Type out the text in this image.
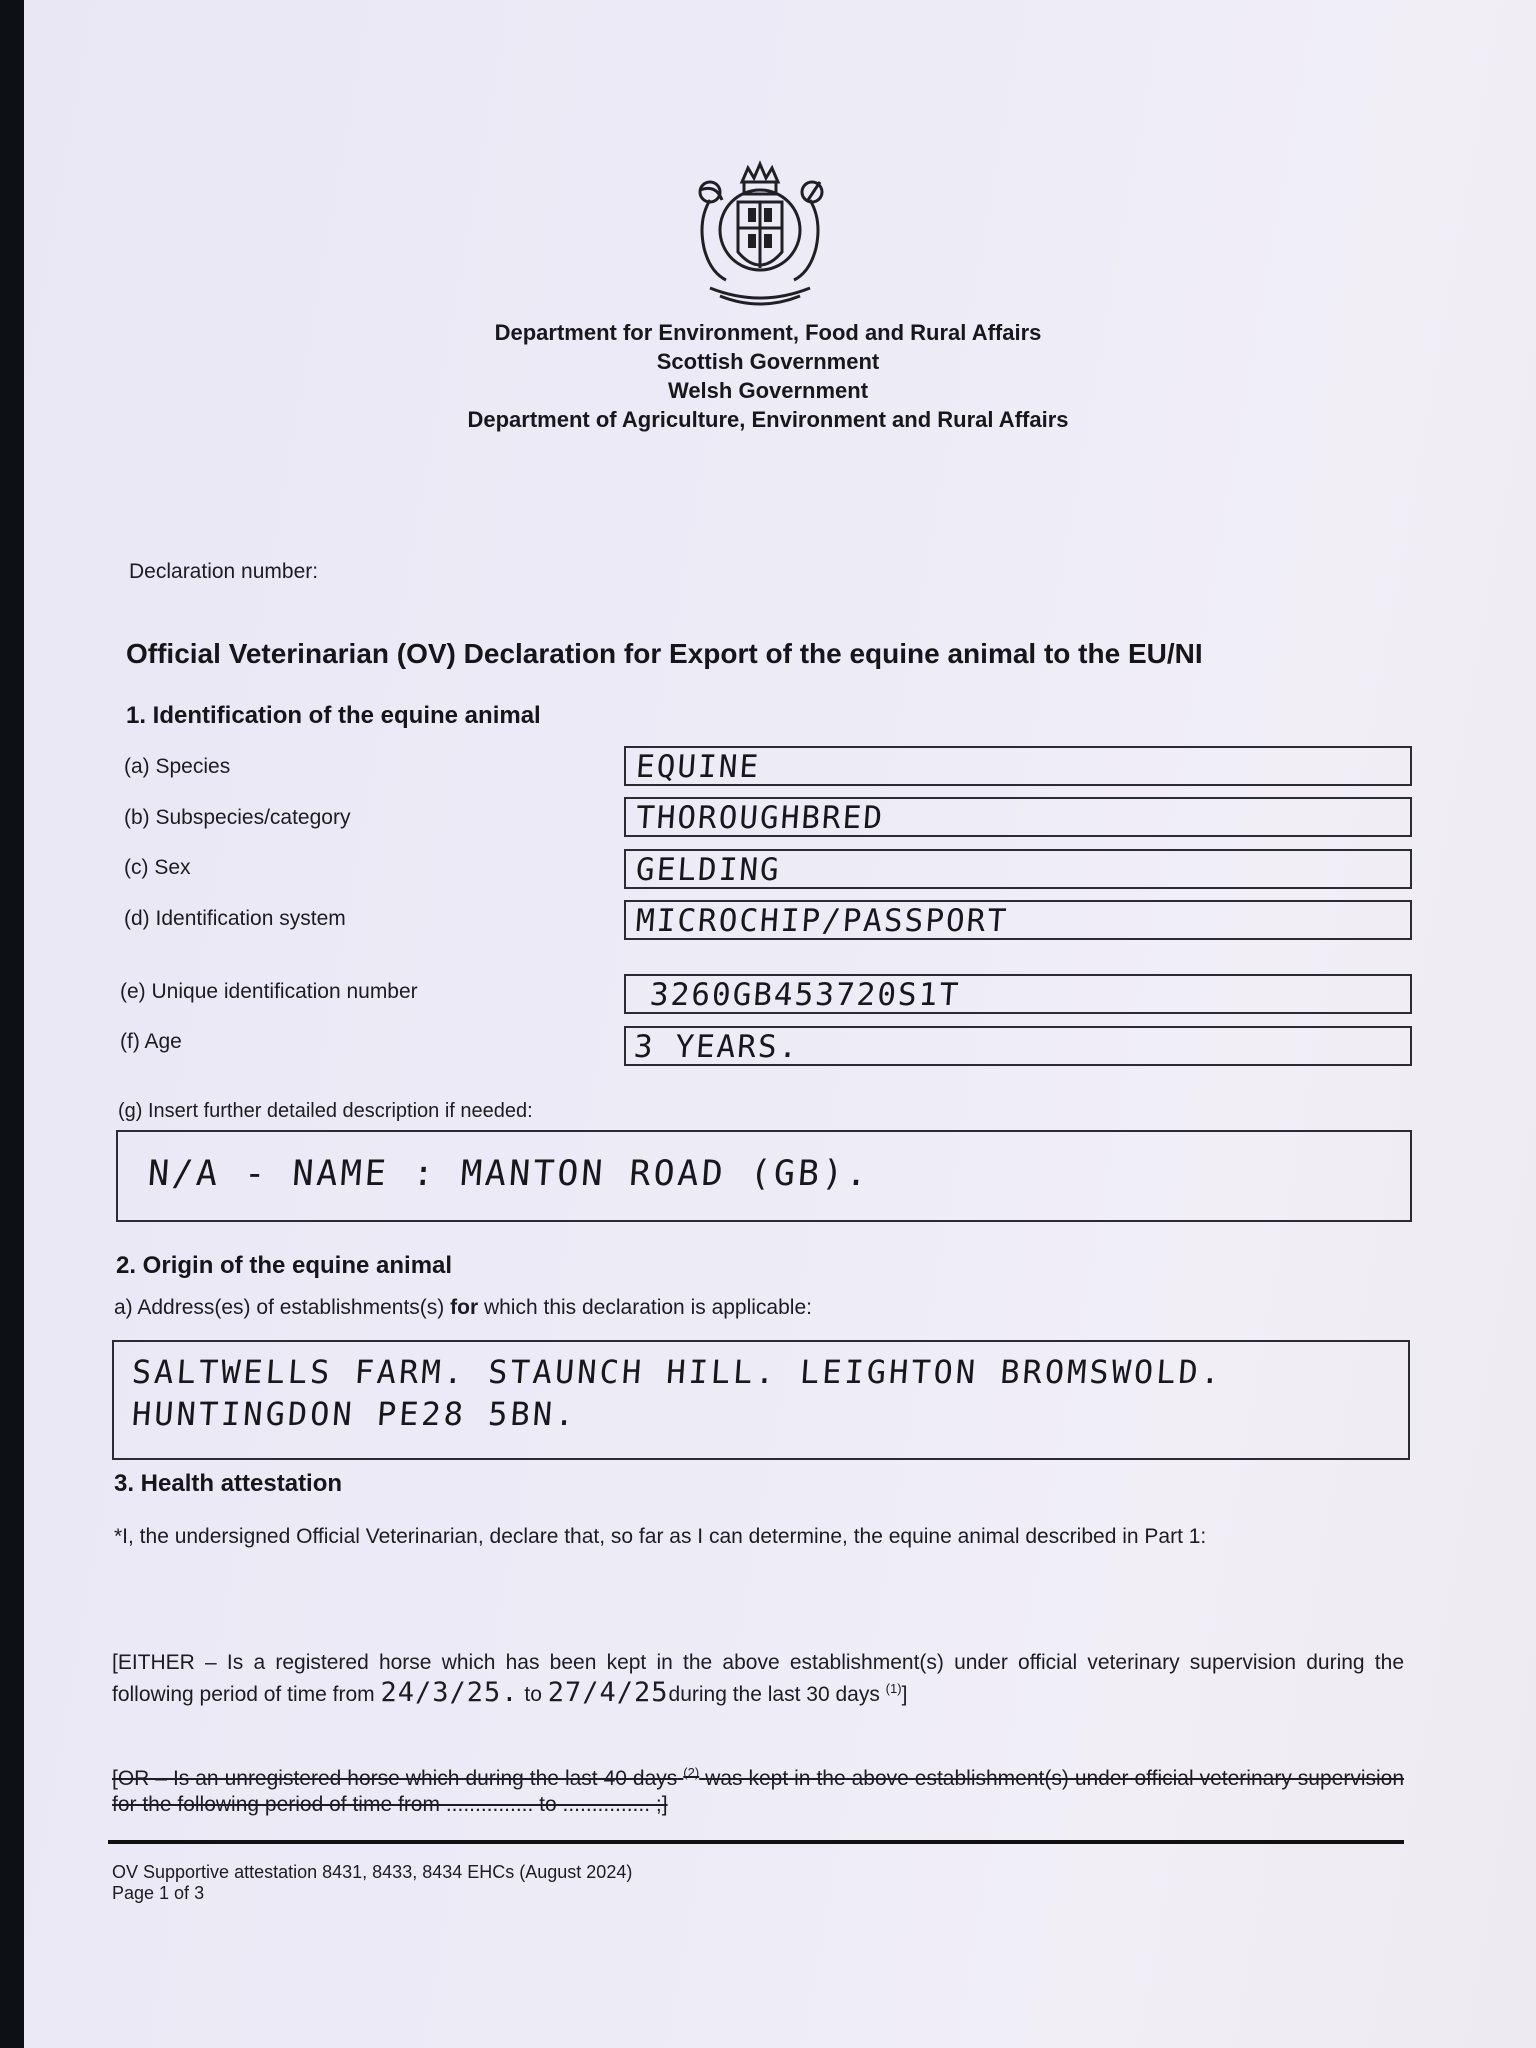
Department for Environment, Food and Rural Affairs
Scottish Government
Welsh Government
Department of Agriculture, Environment and Rural Affairs
Declaration number:
Official Veterinarian (OV) Declaration for Export of the equine animal to the EU/NI
1. Identification of the equine animal
(a) Species	EQUINE
(b) Subspecies/category	THOROUGHBRED
(c) Sex	GELDING
(d) Identification system	MICROCHIP/PASSPORT
(e) Unique identification number	3260GB453720S1T
(f) Age	3 YEARS.
(g) Insert further detailed description if needed:
N/A - NAME : MANTON ROAD (GB).
2. Origin of the equine animal
a) Address(es) of establishments(s) for which this declaration is applicable:
SALTWELLS FARM. STAUNCH HILL. LEIGHTON BROMSWOLD.
HUNTINGDON PE28 5BN.
3. Health attestation
*I, the undersigned Official Veterinarian, declare that, so far as I can determine, the equine animal described in Part 1:
[EITHER – Is a registered horse which has been kept in the above establishment(s) under official veterinary supervision during the following period of time from 24/3/25. to 27/4/25during the last 30 days $^{(1)}$]
[OR – Is an unregistered horse which during the last 40 days $^{(2)}$ was kept in the above establishment(s) under official veterinary supervision for the following period of time from ............... to ............... ;]
OV Supportive attestation 8431, 8433, 8434 EHCs (August 2024)
Page 1 of 3
